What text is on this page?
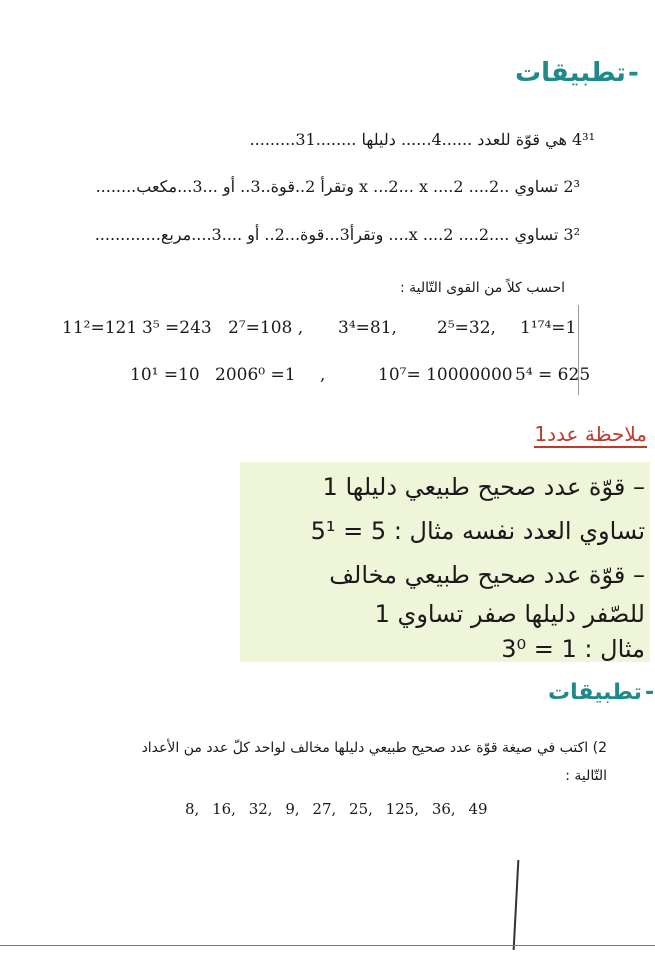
تطبيقات -
4³¹ هي قوّة للعدد ......4...... دليلها ........31.........
2³ تساوي ..2.... x ...2... x ....2 وتقرأ 2..قوة..3.. أو ...3...مكعب........
3² تساوي ....2.... x ....2.... وتقرأ3...قوة...2.. أو ....3....مربع.............
احسب كلاً من القوى التّالية :
11²=121 3⁵ =243 2⁷=108 , 3⁴=81, 2⁵=32, 1¹⁷⁴=1
10¹ =10 2006⁰ =1 ,	10⁷= 10000000 5⁴ = 625
ملاحظة عدد1
– قوّة عدد صحيح طبيعي دليلها 1
تساوي العدد نفسه مثال : 5 = 5¹
– قوّة عدد صحيح طبيعي مخالف
للصّفر دليلها صفر تساوي 1
مثال : 1 = 3⁰
تطبيقات -
2) اكتب في صيغة قوّة عدد صحيح طبيعي دليلها مخالف لواحد كلّ عدد من الأعداد
التّالية :
8, 16, 32, 9, 27, 25, 125, 36, 49
